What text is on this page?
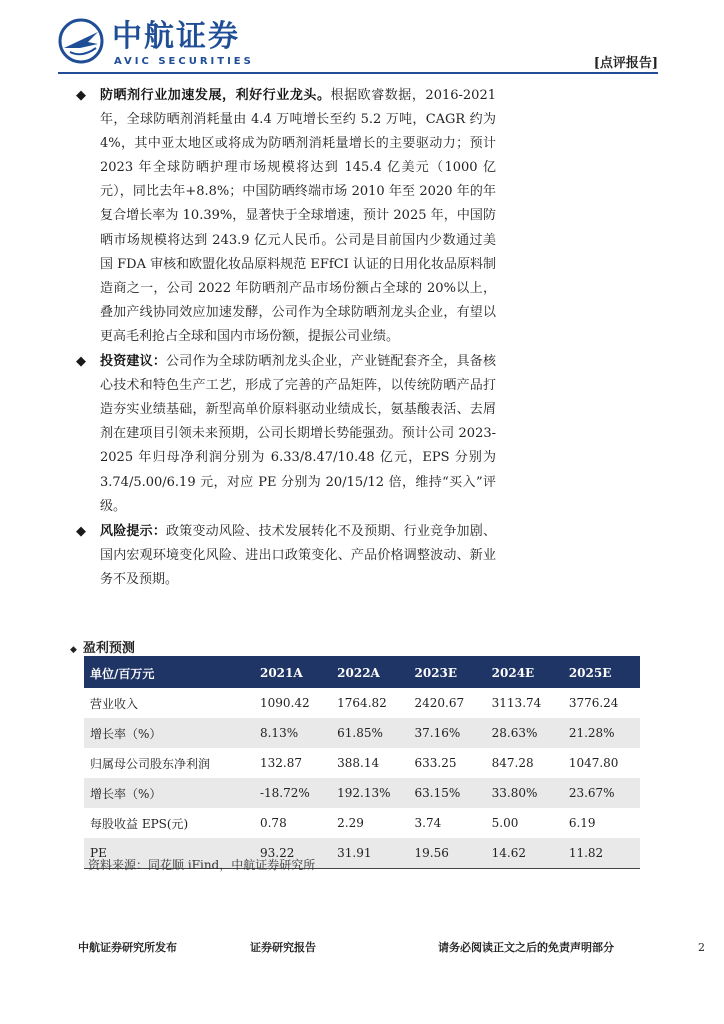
中航证券
AVIC SECURITIES	[点评报告]
◆ 防晒剂行业加速发展，利好行业龙头。根据欧睿数据，2016-2021 年，全球防晒剂消耗量由 4.4 万吨增长至约 5.2 万吨，CAGR 约为 4%，其中亚太地区或将成为防晒剂消耗量增长的主要驱动力；预计 2023 年全球防晒护理市场规模将达到 145.4 亿美元（1000 亿元），同比去年+8.8%；中国防晒终端市场 2010 年至 2020 年的年复合增长率为 10.39%，显著快于全球增速，预计 2025 年，中国防晒市场规模将达到 243.9 亿元人民币。公司是目前国内少数通过美国 FDA 审核和欧盟化妆品原料规范 EFfCI 认证的日用化妆品原料制造商之一，公司 2022 年防晒剂产品市场份额占全球的 20%以上，叠加产线协同效应加速发酵，公司作为全球防晒剂龙头企业，有望以更高毛利抢占全球和国内市场份额，提振公司业绩。
◆ 投资建议：公司作为全球防晒剂龙头企业，产业链配套齐全，具备核心技术和特色生产工艺，形成了完善的产品矩阵，以传统防晒产品打造夯实业绩基础，新型高单价原料驱动业绩成长，氨基酸表活、去屑剂在建项目引领未来预期，公司长期增长势能强劲。预计公司 2023-2025 年归母净利润分别为 6.33/8.47/10.48 亿元，EPS 分别为 3.74/5.00/6.19 元，对应 PE 分别为 20/15/12 倍，维持“买入”评级。
◆ 风险提示：政策变动风险、技术发展转化不及预期、行业竞争加剧、国内宏观环境变化风险、进出口政策变化、产品价格调整波动、新业务不及预期。
◆ 盈利预测
单位/百万元	2021A	2022A	2023E	2024E	2025E
营业收入	1090.42	1764.82	2420.67	3113.74	3776.24
增长率（%）	8.13%	61.85%	37.16%	28.63%	21.28%
归属母公司股东净利润	132.87	388.14	633.25	847.28	1047.80
增长率（%）	-18.72%	192.13%	63.15%	33.80%	23.67%
每股收益 EPS(元)	0.78	2.29	3.74	5.00	6.19
PE	93.22	31.91	19.56	14.62	11.82
资料来源：同花顺 iFind，中航证券研究所
中航证券研究所发布	证券研究报告	请务必阅读正文之后的免责声明部分	2
